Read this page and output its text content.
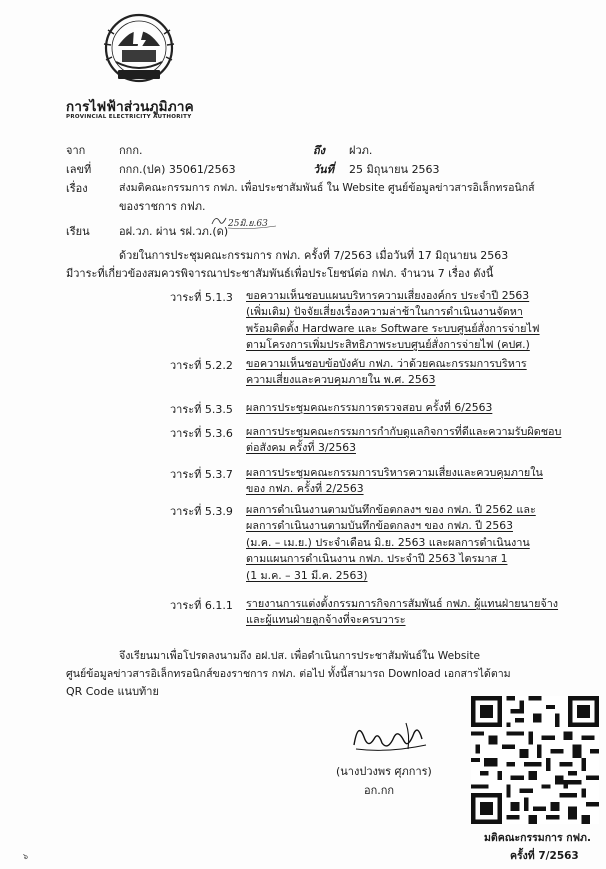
การไฟฟ้าส่วนภูมิภาค
PROVINCIAL ELECTRICITY AUTHORITY
จาก	กกก.	ถึง ฝวภ.
เลขที่	กกก.(ปค) 35061/2563	วันที่ 25 มิถุนายน 2563
เรื่อง	ส่งมติคณะกรรมการ กฟภ. เพื่อประชาสัมพันธ์ ใน Website ศูนย์ข้อมูลข่าวสารอิเล็กทรอนิกส์
ของราชการ กฟภ.
เรียน	อฝ.วภ. ผ่าน รฝ.วภ.(ด)
25มิ.ย.63
ด้วยในการประชุมคณะกรรมการ กฟภ. ครั้งที่ 7/2563 เมื่อวันที่ 17 มิถุนายน 2563
มีวาระที่เกี่ยวข้องสมควรพิจารณาประชาสัมพันธ์เพื่อประโยชน์ต่อ กฟภ. จำนวน 7 เรื่อง ดังนี้
วาระที่ 5.1.3 ขอความเห็นชอบแผนบริหารความเสี่ยงองค์กร ประจำปี 2563
(เพิ่มเติม) ปัจจัยเสี่ยงเรื่องความล่าช้าในการดำเนินงานจัดหา
พร้อมติดตั้ง Hardware และ Software ระบบศูนย์สั่งการจ่ายไฟ
ตามโครงการเพิ่มประสิทธิภาพระบบศูนย์สั่งการจ่ายไฟ (คปศ.)
วาระที่ 5.2.2 ขอความเห็นชอบข้อบังคับ กฟภ. ว่าด้วยคณะกรรมการบริหาร
ความเสี่ยงและควบคุมภายใน พ.ศ. 2563
วาระที่ 5.3.5 ผลการประชุมคณะกรรมการตรวจสอบ ครั้งที่ 6/2563
วาระที่ 5.3.6 ผลการประชุมคณะกรรมการกำกับดูแลกิจการที่ดีและความรับผิดชอบ
ต่อสังคม ครั้งที่ 3/2563
วาระที่ 5.3.7 ผลการประชุมคณะกรรมการบริหารความเสี่ยงและควบคุมภายใน
ของ กฟภ. ครั้งที่ 2/2563
วาระที่ 5.3.9 ผลการดำเนินงานตามบันทึกข้อตกลงฯ ของ กฟภ. ปี 2562 และ
ผลการดำเนินงานตามบันทึกข้อตกลงฯ ของ กฟภ. ปี 2563
(ม.ค. – เม.ย.) ประจำเดือน มิ.ย. 2563 และผลการดำเนินงาน
ตามแผนการดำเนินงาน กฟภ. ประจำปี 2563 ไตรมาส 1
(1 ม.ค. – 31 มี.ค. 2563)
วาระที่ 6.1.1 รายงานการแต่งตั้งกรรมการกิจการสัมพันธ์ กฟภ. ผู้แทนฝ่ายนายจ้าง
และผู้แทนฝ่ายลูกจ้างที่จะครบวาระ
จึงเรียนมาเพื่อโปรดลงนามถึง อฝ.ปส. เพื่อดำเนินการประชาสัมพันธ์ใน Website
ศูนย์ข้อมูลข่าวสารอิเล็กทรอนิกส์ของราชการ กฟภ. ต่อไป ทั้งนี้สามารถ Download เอกสารได้ตาม
QR Code แนบท้าย
(นางปวงพร ศุภการ)
อก.กก
มติคณะกรรมการ กฟภ.
ครั้งที่ 7/2563
๖
